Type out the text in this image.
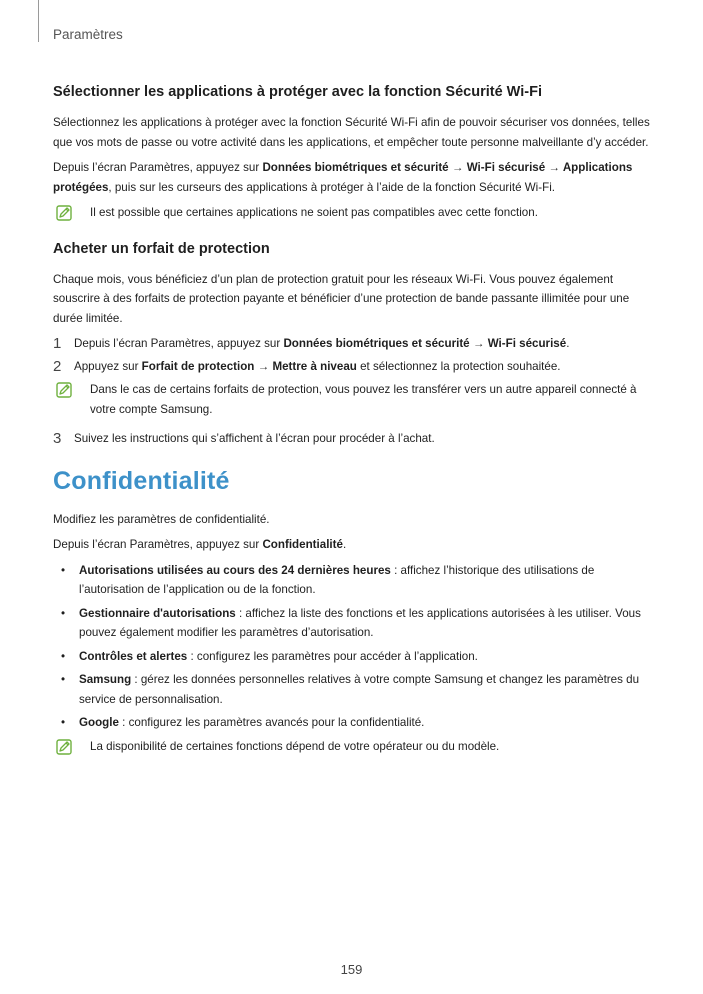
Paramètres
Sélectionner les applications à protéger avec la fonction Sécurité Wi-Fi

Sélectionnez les applications à protéger avec la fonction Sécurité Wi-Fi afin de pouvoir sécuriser vos données, telles que vos mots de passe ou votre activité dans les applications, et empêcher toute personne malveillante d’y accéder.

Depuis l’écran Paramètres, appuyez sur Données biométriques et sécurité → Wi-Fi sécurisé → Applications protégées, puis sur les curseurs des applications à protéger à l’aide de la fonction Sécurité Wi-Fi.

Il est possible que certaines applications ne soient pas compatibles avec cette fonction.
Acheter un forfait de protection

Chaque mois, vous bénéficiez d’un plan de protection gratuit pour les réseaux Wi-Fi. Vous pouvez également souscrire à des forfaits de protection payante et bénéficier d’une protection de bande passante illimitée pour une durée limitée.

1	Depuis l’écran Paramètres, appuyez sur Données biométriques et sécurité → Wi-Fi sécurisé.
2	Appuyez sur Forfait de protection → Mettre à niveau et sélectionnez la protection souhaitée.
Dans le cas de certains forfaits de protection, vous pouvez les transférer vers un autre appareil connecté à votre compte Samsung.
3	Suivez les instructions qui s’affichent à l’écran pour procéder à l’achat.
Confidentialité

Modifiez les paramètres de confidentialité.

Depuis l’écran Paramètres, appuyez sur Confidentialité.

• Autorisations utilisées au cours des 24 dernières heures : affichez l’historique des utilisations de l’autorisation de l’application ou de la fonction.
• Gestionnaire d'autorisations : affichez la liste des fonctions et les applications autorisées à les utiliser. Vous pouvez également modifier les paramètres d’autorisation.
• Contrôles et alertes : configurez les paramètres pour accéder à l’application.
• Samsung : gérez les données personnelles relatives à votre compte Samsung et changez les paramètres du service de personnalisation.
• Google : configurez les paramètres avancés pour la confidentialité.
La disponibilité de certaines fonctions dépend de votre opérateur ou du modèle.
159
